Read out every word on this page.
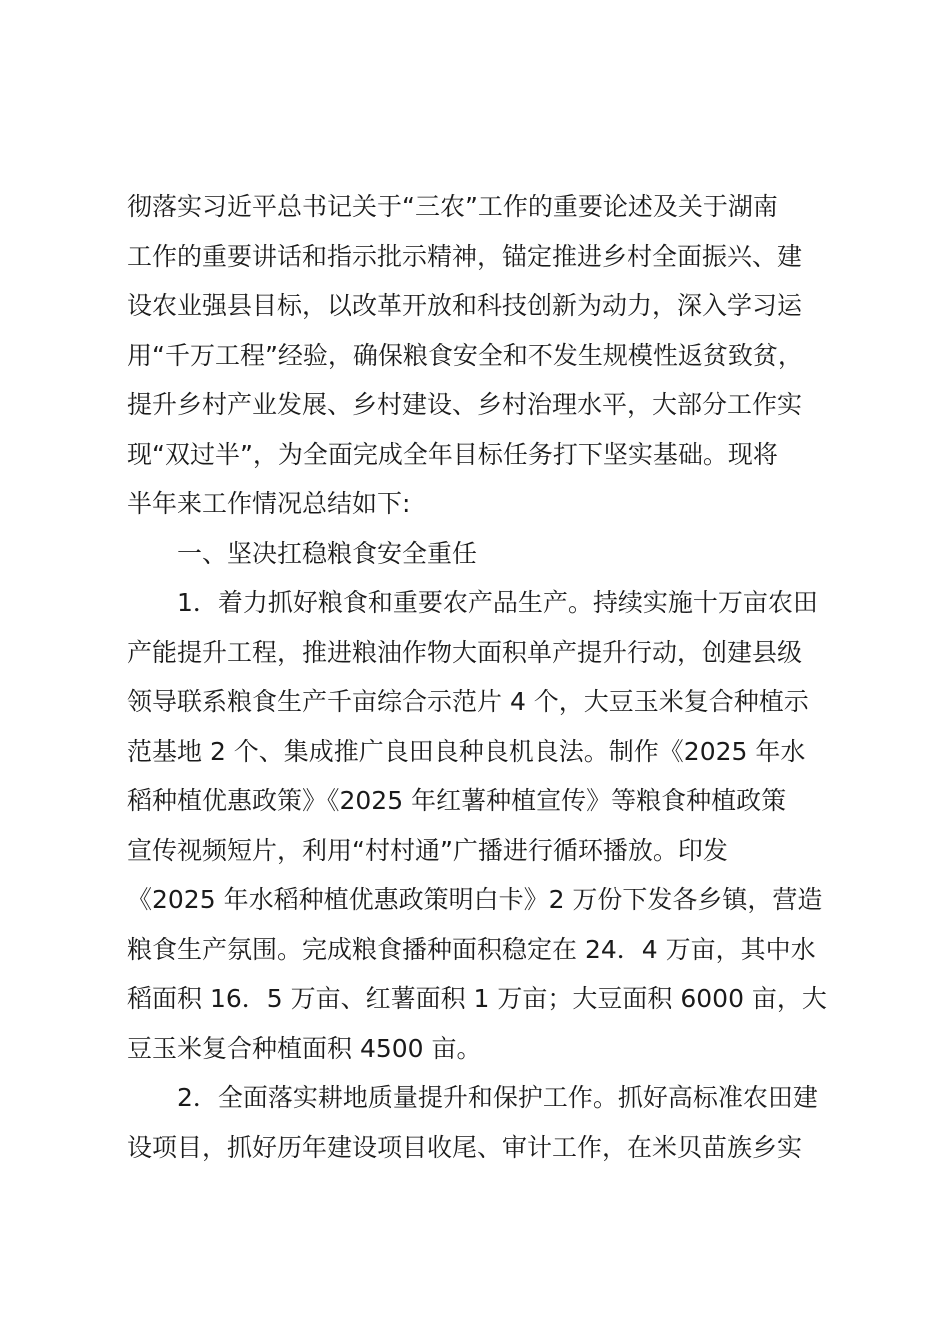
彻落实习近平总书记关于“三农”工作的重要论述及关于湖南
工作的重要讲话和指示批示精神，锚定推进乡村全面振兴、建
设农业强县目标，以改革开放和科技创新为动力，深入学习运
用“千万工程”经验，确保粮食安全和不发生规模性返贫致贫，
提升乡村产业发展、乡村建设、乡村治理水平，大部分工作实
现“双过半”，为全面完成全年目标任务打下坚实基础。现将
半年来工作情况总结如下:
一、坚决扛稳粮食安全重任
1．着力抓好粮食和重要农产品生产。持续实施十万亩农田
产能提升工程，推进粮油作物大面积单产提升行动，创建县级
领导联系粮食生产千亩综合示范片 4 个，大豆玉米复合种植示
范基地 2 个、集成推广良田良种良机良法。制作《2025 年水
稻种植优惠政策》《2025 年红薯种植宣传》等粮食种植政策
宣传视频短片，利用“村村通”广播进行循环播放。印发
《2025 年水稻种植优惠政策明白卡》2 万份下发各乡镇，营造
粮食生产氛围。完成粮食播种面积稳定在 24．4 万亩，其中水
稻面积 16．5 万亩、红薯面积 1 万亩；大豆面积 6000 亩，大
豆玉米复合种植面积 4500 亩。
2．全面落实耕地质量提升和保护工作。抓好高标准农田建
设项目，抓好历年建设项目收尾、审计工作，在米贝苗族乡实
